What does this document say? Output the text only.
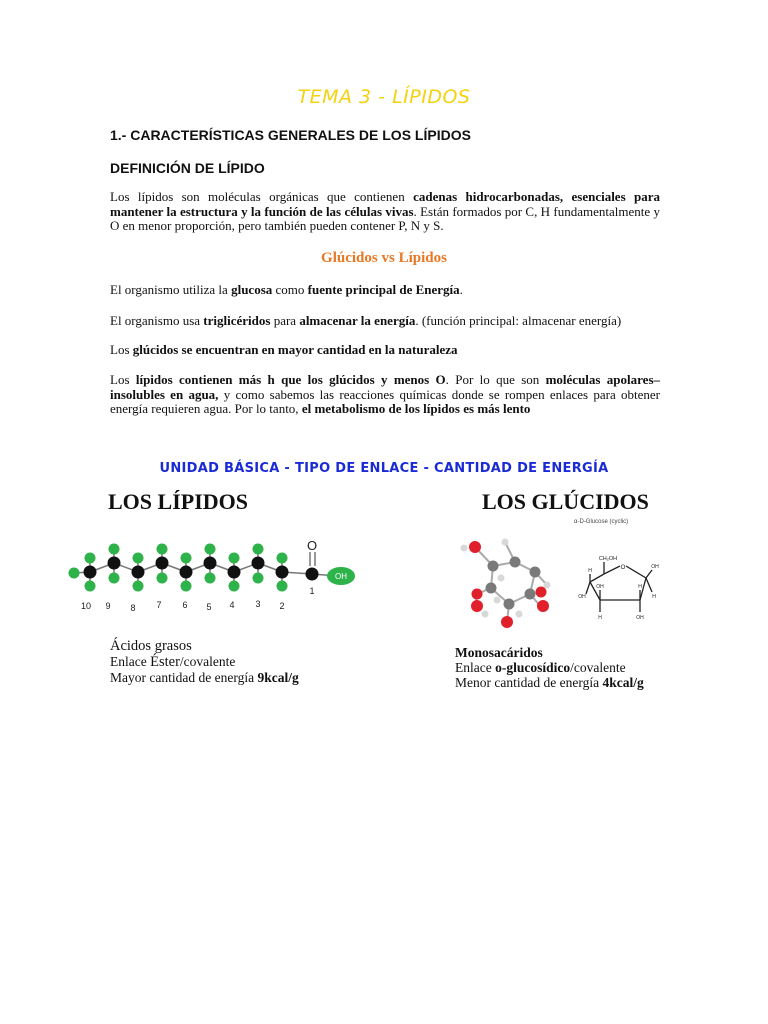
TEMA 3 - LÍPIDOS
1.- CARACTERÍSTICAS GENERALES DE LOS LÍPIDOS
DEFINICIÓN DE LÍPIDO
Los lípidos son moléculas orgánicas que contienen cadenas hidrocarbonadas, esenciales para mantener la estructura y la función de las células vivas. Están formados por C, H fundamentalmente y O en menor proporción, pero también pueden contener P, N y S.
Glúcidos vs Lípidos
El organismo utiliza la glucosa como fuente principal de Energía.
El organismo usa triglicéridos para almacenar la energía. (función principal: almacenar energía)
Los glúcidos se encuentran en mayor cantidad en la naturaleza
Los lípidos contienen más h que los glúcidos y menos O. Por lo que son moléculas apolares–insolubles en agua, y como sabemos las reacciones químicas donde se rompen enlaces para obtener energía requieren agua. Por lo tanto, el metabolismo de los lípidos es más lento
UNIDAD BÁSICA - TIPO DE ENLACE - CANTIDAD DE ENERGÍA
LOS LÍPIDOS	LOS GLÚCIDOS
OH
O
10 9 8 7 6 5 4 3 2
1
α-D-Glucose (cyclic)
CH₂OH
O
H
OH
OH
H
H
OH
OH
H
Ácidos grasos
Enlace Éster/covalente
Mayor cantidad de energía 9kcal/g
Monosacáridos
Enlace o-glucosídico/covalente
Menor cantidad de energía 4kcal/g
